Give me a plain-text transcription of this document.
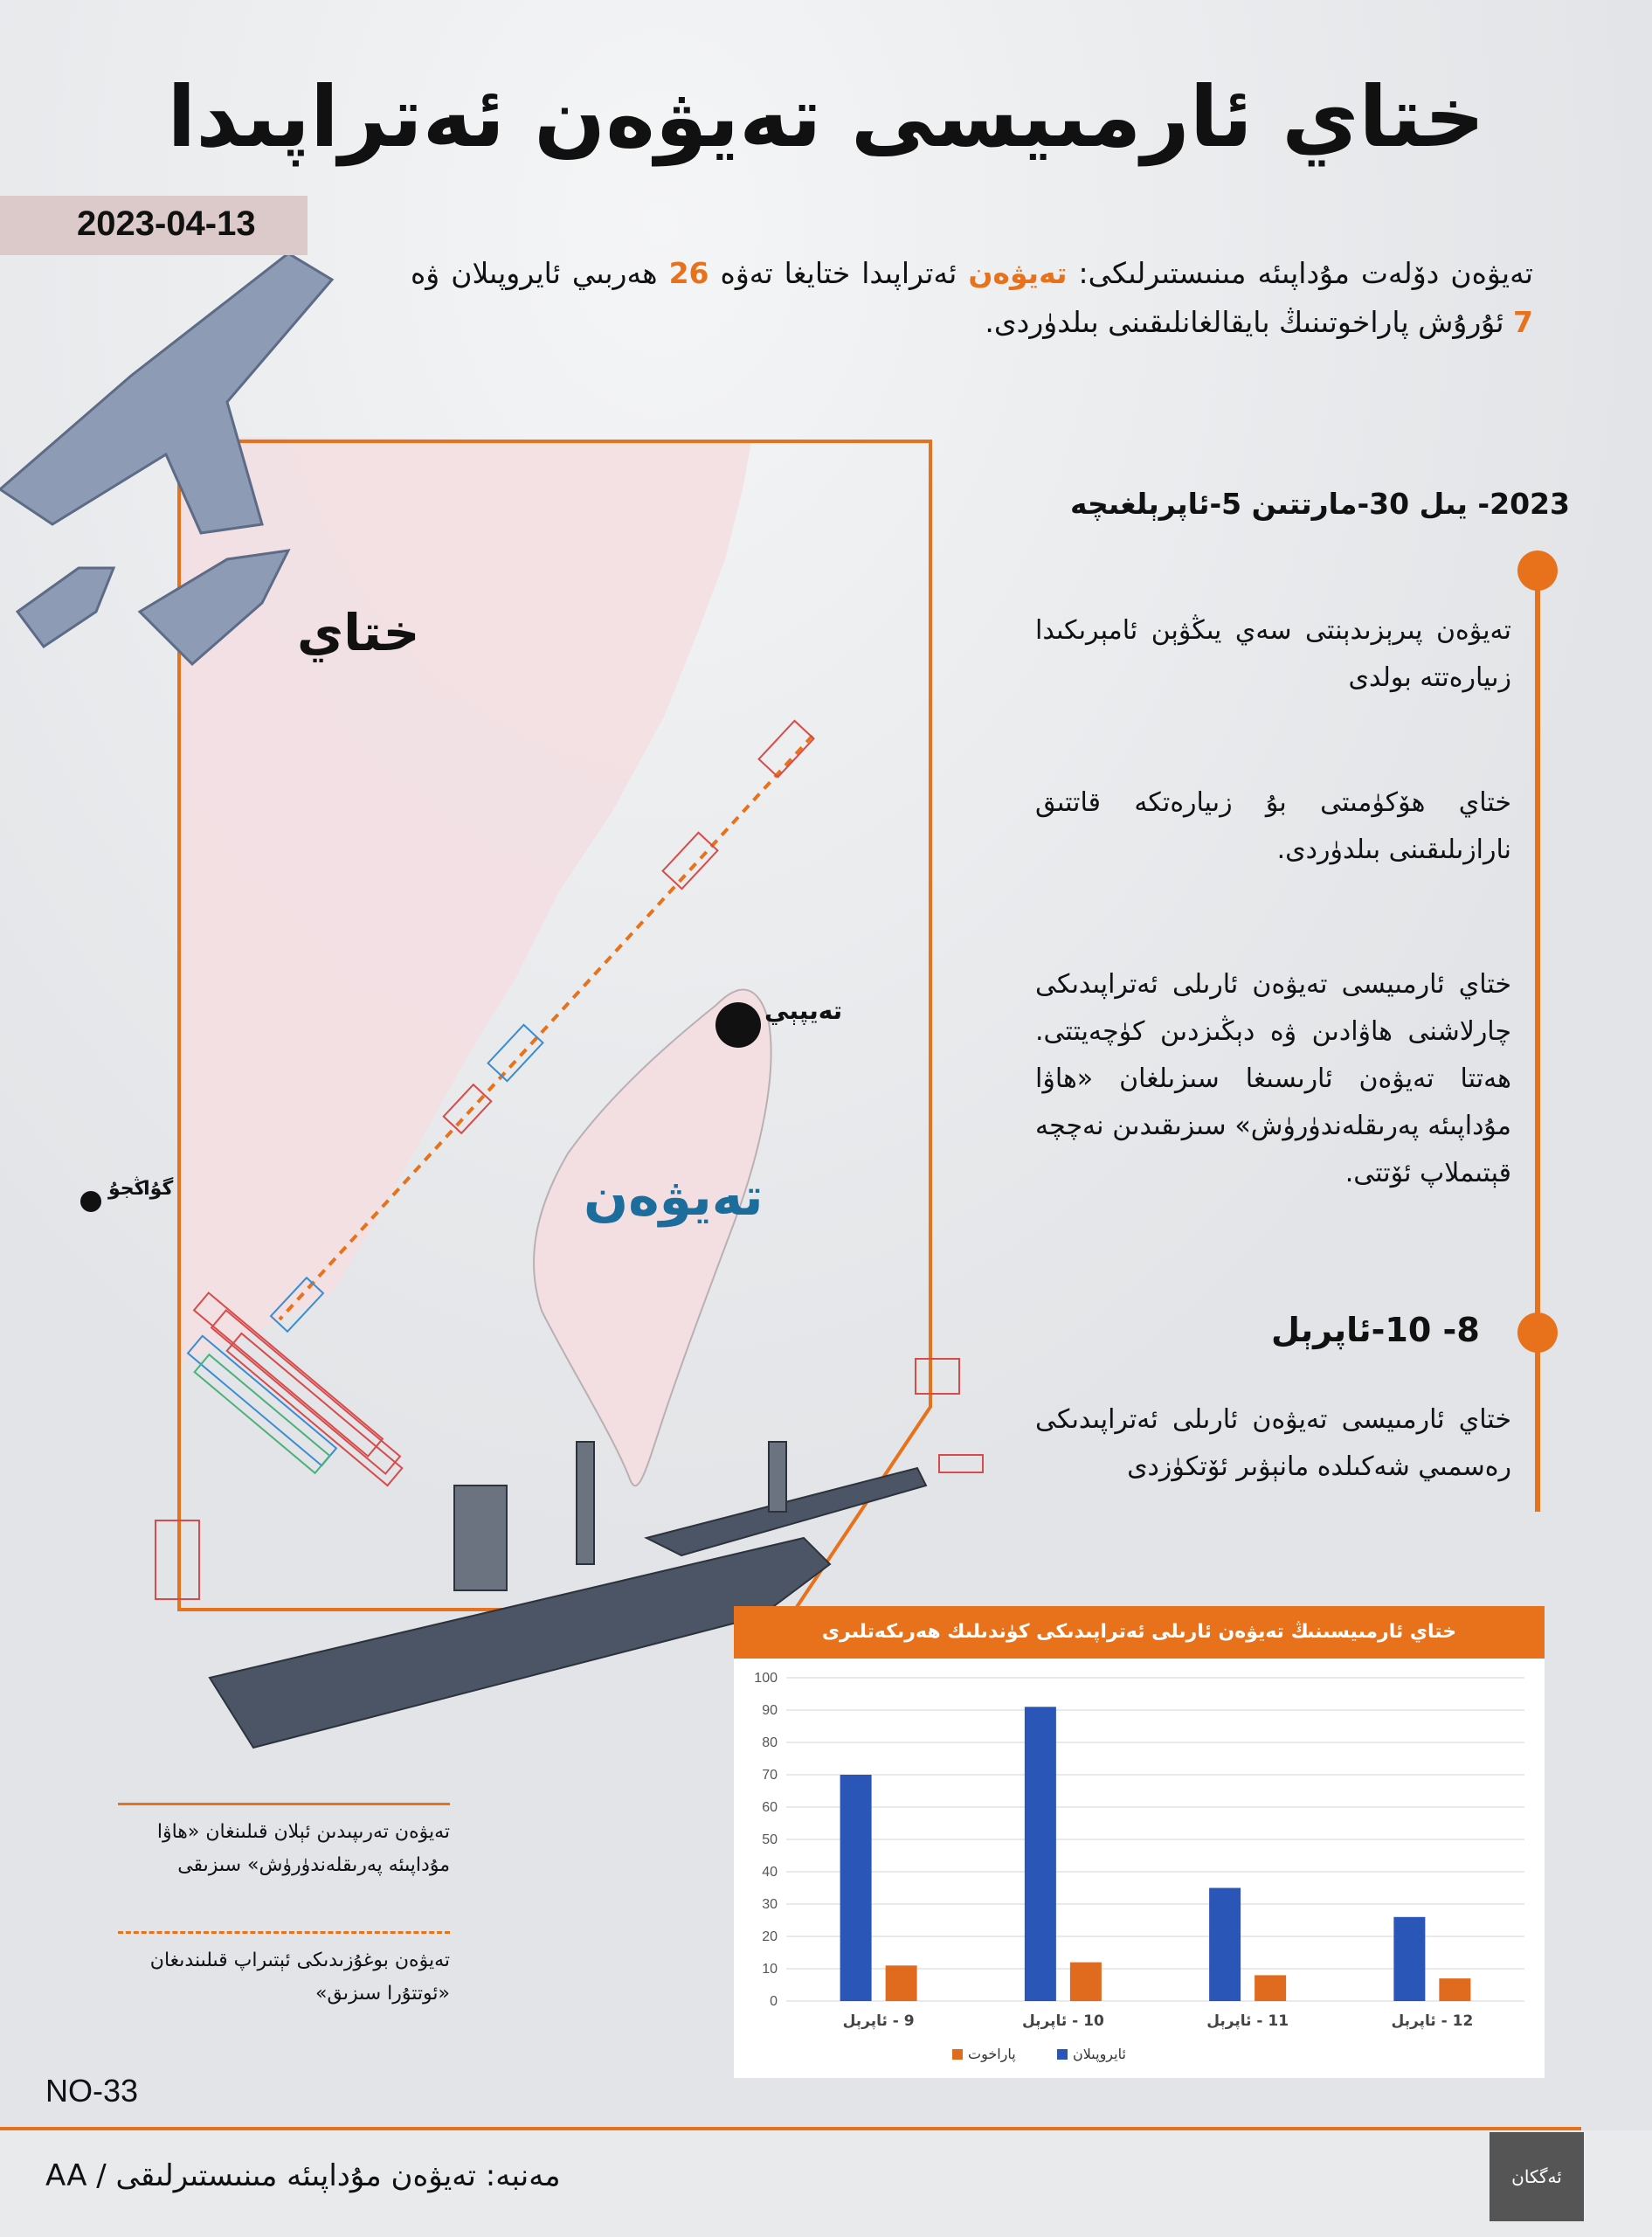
ختاي ئارمىيسى تەيۋەن ئەتراپىدا
2023-04-13
تەيۋەن دۆلەت مۇداپىئە مىنىستىرلىكى: تەيۋەن ئەتراپىدا ختايغا تەۋە 26 ھەربىي ئايروپىلان ۋە 7 ئۇرۇش پاراخوتىنىڭ بايقالغانلىقىنى بىلدۈردى.
ختاي
تەيۋەن
تەيپېي
گۇاڭجۇ
2023- يىل 30-مارتتىن 5-ئاپرېلغىچە
تەيۋەن پىرېزىدېنتى سەي يىڭۋېن ئامېرىكىدا زىيارەتتە بولدى
ختاي ھۆكۈمىتى بۇ زىيارەتكە قاتتىق نارازىلىقىنى بىلدۈردى.
ختاي ئارمىيسى تەيۋەن ئارىلى ئەتراپىدىكى چارلاشنى ھاۋادىن ۋە دېڭىزدىن كۈچەيتتى. ھەتتا تەيۋەن ئارىسىغا سىزىلغان «ھاۋا مۇداپىئە پەرىقلەندۈرۈش» سىزىقىدىن نەچچە قېتىملاپ ئۆتتى.
8- 10-ئاپرېل
ختاي ئارمىيسى تەيۋەن ئارىلى ئەتراپىدىكى رەسمىي شەكىلدە مانېۋىر ئۆتكۈزدى
تەيۋەن تەرىپىدىن ئېلان قىلىنغان «ھاۋا مۇداپىئە پەرىقلەندۈرۈش» سىزىقى
تەيۋەن بوغۇزىدىكى ئېتىراپ قىلىندىغان «ئوتتۇرا سىزىق»
ختاي ئارمىيسىنىڭ تەيۋەن ئارىلى ئەتراپىدىكى كۈندىلىك ھەرىكەتلىرى
0
10
20
30
40
50
60
70
80
90
100
9 - ئاپرېل	10 - ئاپرېل	11 - ئاپرېل	12 - ئاپرېل
ئايروپىلان
پاراخوت
NO-33
مەنبە: تەيۋەن مۇداپىئە مىنىستىرلىقى / AA	ئەگكان
